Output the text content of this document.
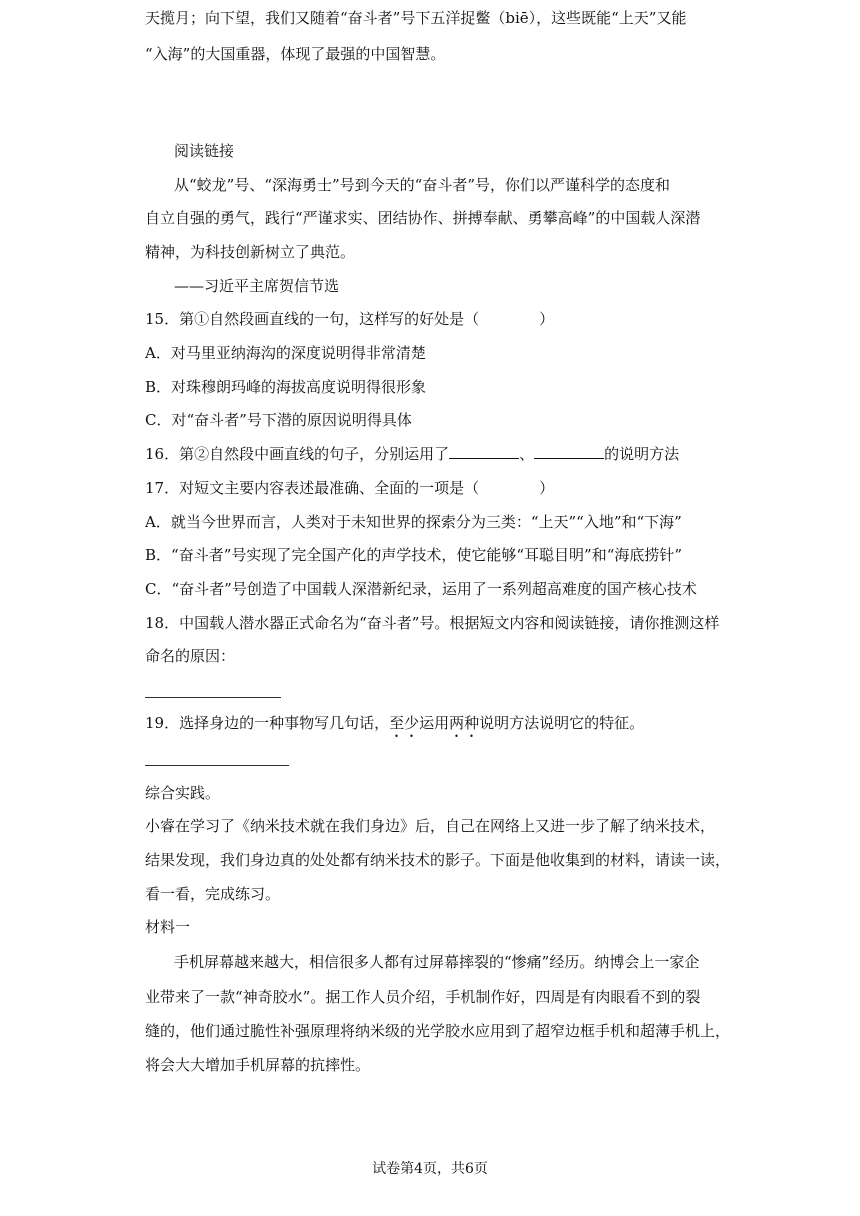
天揽月；向下望，我们又随着“奋斗者”号下五洋捉鳖（biē），这些既能“上天”又能
“入海”的大国重器，体现了最强的中国智慧。
阅读链接
从“蛟龙”号、“深海勇士”号到今天的“奋斗者”号，你们以严谨科学的态度和
自立自强的勇气，践行“严谨求实、团结协作、拼搏奉献、勇攀高峰”的中国载人深潜
精神，为科技创新树立了典范。
——习近平主席贺信节选
15．第①自然段画直线的一句，这样写的好处是（　　　　）
A．对马里亚纳海沟的深度说明得非常清楚
B．对珠穆朗玛峰的海拔高度说明得很形象
C．对“奋斗者”号下潜的原因说明得具体
16．第②自然段中画直线的句子，分别运用了	、	的说明方法
17．对短文主要内容表述最准确、全面的一项是（　　　　）
A．就当今世界而言，人类对于未知世界的探索分为三类：“上天”“入地”和“下海”
B．“奋斗者”号实现了完全国产化的声学技术，使它能够“耳聪目明”和“海底捞针”
C．“奋斗者”号创造了中国载人深潜新纪录，运用了一系列超高难度的国产核心技术
18．中国载人潜水器正式命名为“奋斗者”号。根据短文内容和阅读链接，请你推测这样
命名的原因：
19．选择身边的一种事物写几句话，至少运用两种说明方法说明它的特征。
综合实践。
小睿在学习了《纳米技术就在我们身边》后，自己在网络上又进一步了解了纳米技术，
结果发现，我们身边真的处处都有纳米技术的影子。下面是他收集到的材料，请读一读，
看一看，完成练习。
材料一
手机屏幕越来越大，相信很多人都有过屏幕摔裂的“惨痛”经历。纳博会上一家企
业带来了一款“神奇胶水”。据工作人员介绍，手机制作好，四周是有肉眼看不到的裂
缝的，他们通过脆性补强原理将纳米级的光学胶水应用到了超窄边框手机和超薄手机上，
将会大大增加手机屏幕的抗摔性。
试卷第4页，共6页
